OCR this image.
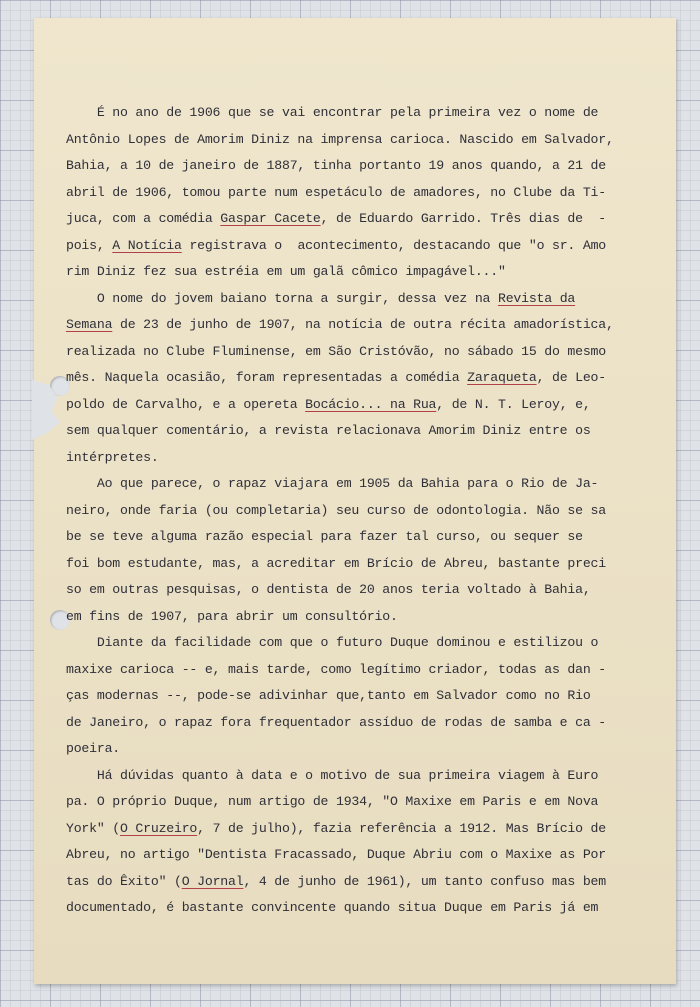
É no ano de 1906 que se vai encontrar pela primeira vez o nome de
Antônio Lopes de Amorim Diniz na imprensa carioca. Nascido em Salvador,
Bahia, a 10 de janeiro de 1887, tinha portanto 19 anos quando, a 21 de
abril de 1906, tomou parte num espetáculo de amadores, no Clube da Ti-
juca, com a comédia Gaspar Cacete, de Eduardo Garrido. Três dias de  -
pois, A Notícia registrava o  acontecimento, destacando que "o sr. Amo
rim Diniz fez sua estréia em um galã cômico impagável..."
O nome do jovem baiano torna a surgir, dessa vez na Revista da
Semana de 23 de junho de 1907, na notícia de outra récita amadorística,
realizada no Clube Fluminense, em São Cristóvão, no sábado 15 do mesmo
mês. Naquela ocasião, foram representadas a comédia Zaraqueta, de Leo-
poldo de Carvalho, e a opereta Bocácio... na Rua, de N. T. Leroy, e,
sem qualquer comentário, a revista relacionava Amorim Diniz entre os
intérpretes.
Ao que parece, o rapaz viajara em 1905 da Bahia para o Rio de Ja-
neiro, onde faria (ou completaria) seu curso de odontologia. Não se sa
be se teve alguma razão especial para fazer tal curso, ou sequer se
foi bom estudante, mas, a acreditar em Brício de Abreu, bastante preci
so em outras pesquisas, o dentista de 20 anos teria voltado à Bahia,
em fins de 1907, para abrir um consultório.
Diante da facilidade com que o futuro Duque dominou e estilizou o
maxixe carioca -- e, mais tarde, como legítimo criador, todas as dan -
ças modernas --, pode-se adivinhar que,tanto em Salvador como no Rio
de Janeiro, o rapaz fora frequentador assíduo de rodas de samba e ca -
poeira.
Há dúvidas quanto à data e o motivo de sua primeira viagem à Euro
pa. O próprio Duque, num artigo de 1934, "O Maxixe em Paris e em Nova
York" (O Cruzeiro, 7 de julho), fazia referência a 1912. Mas Brício de
Abreu, no artigo "Dentista Fracassado, Duque Abriu com o Maxixe as Por
tas do Êxito" (O Jornal, 4 de junho de 1961), um tanto confuso mas bem
documentado, é bastante convincente quando situa Duque em Paris já em
